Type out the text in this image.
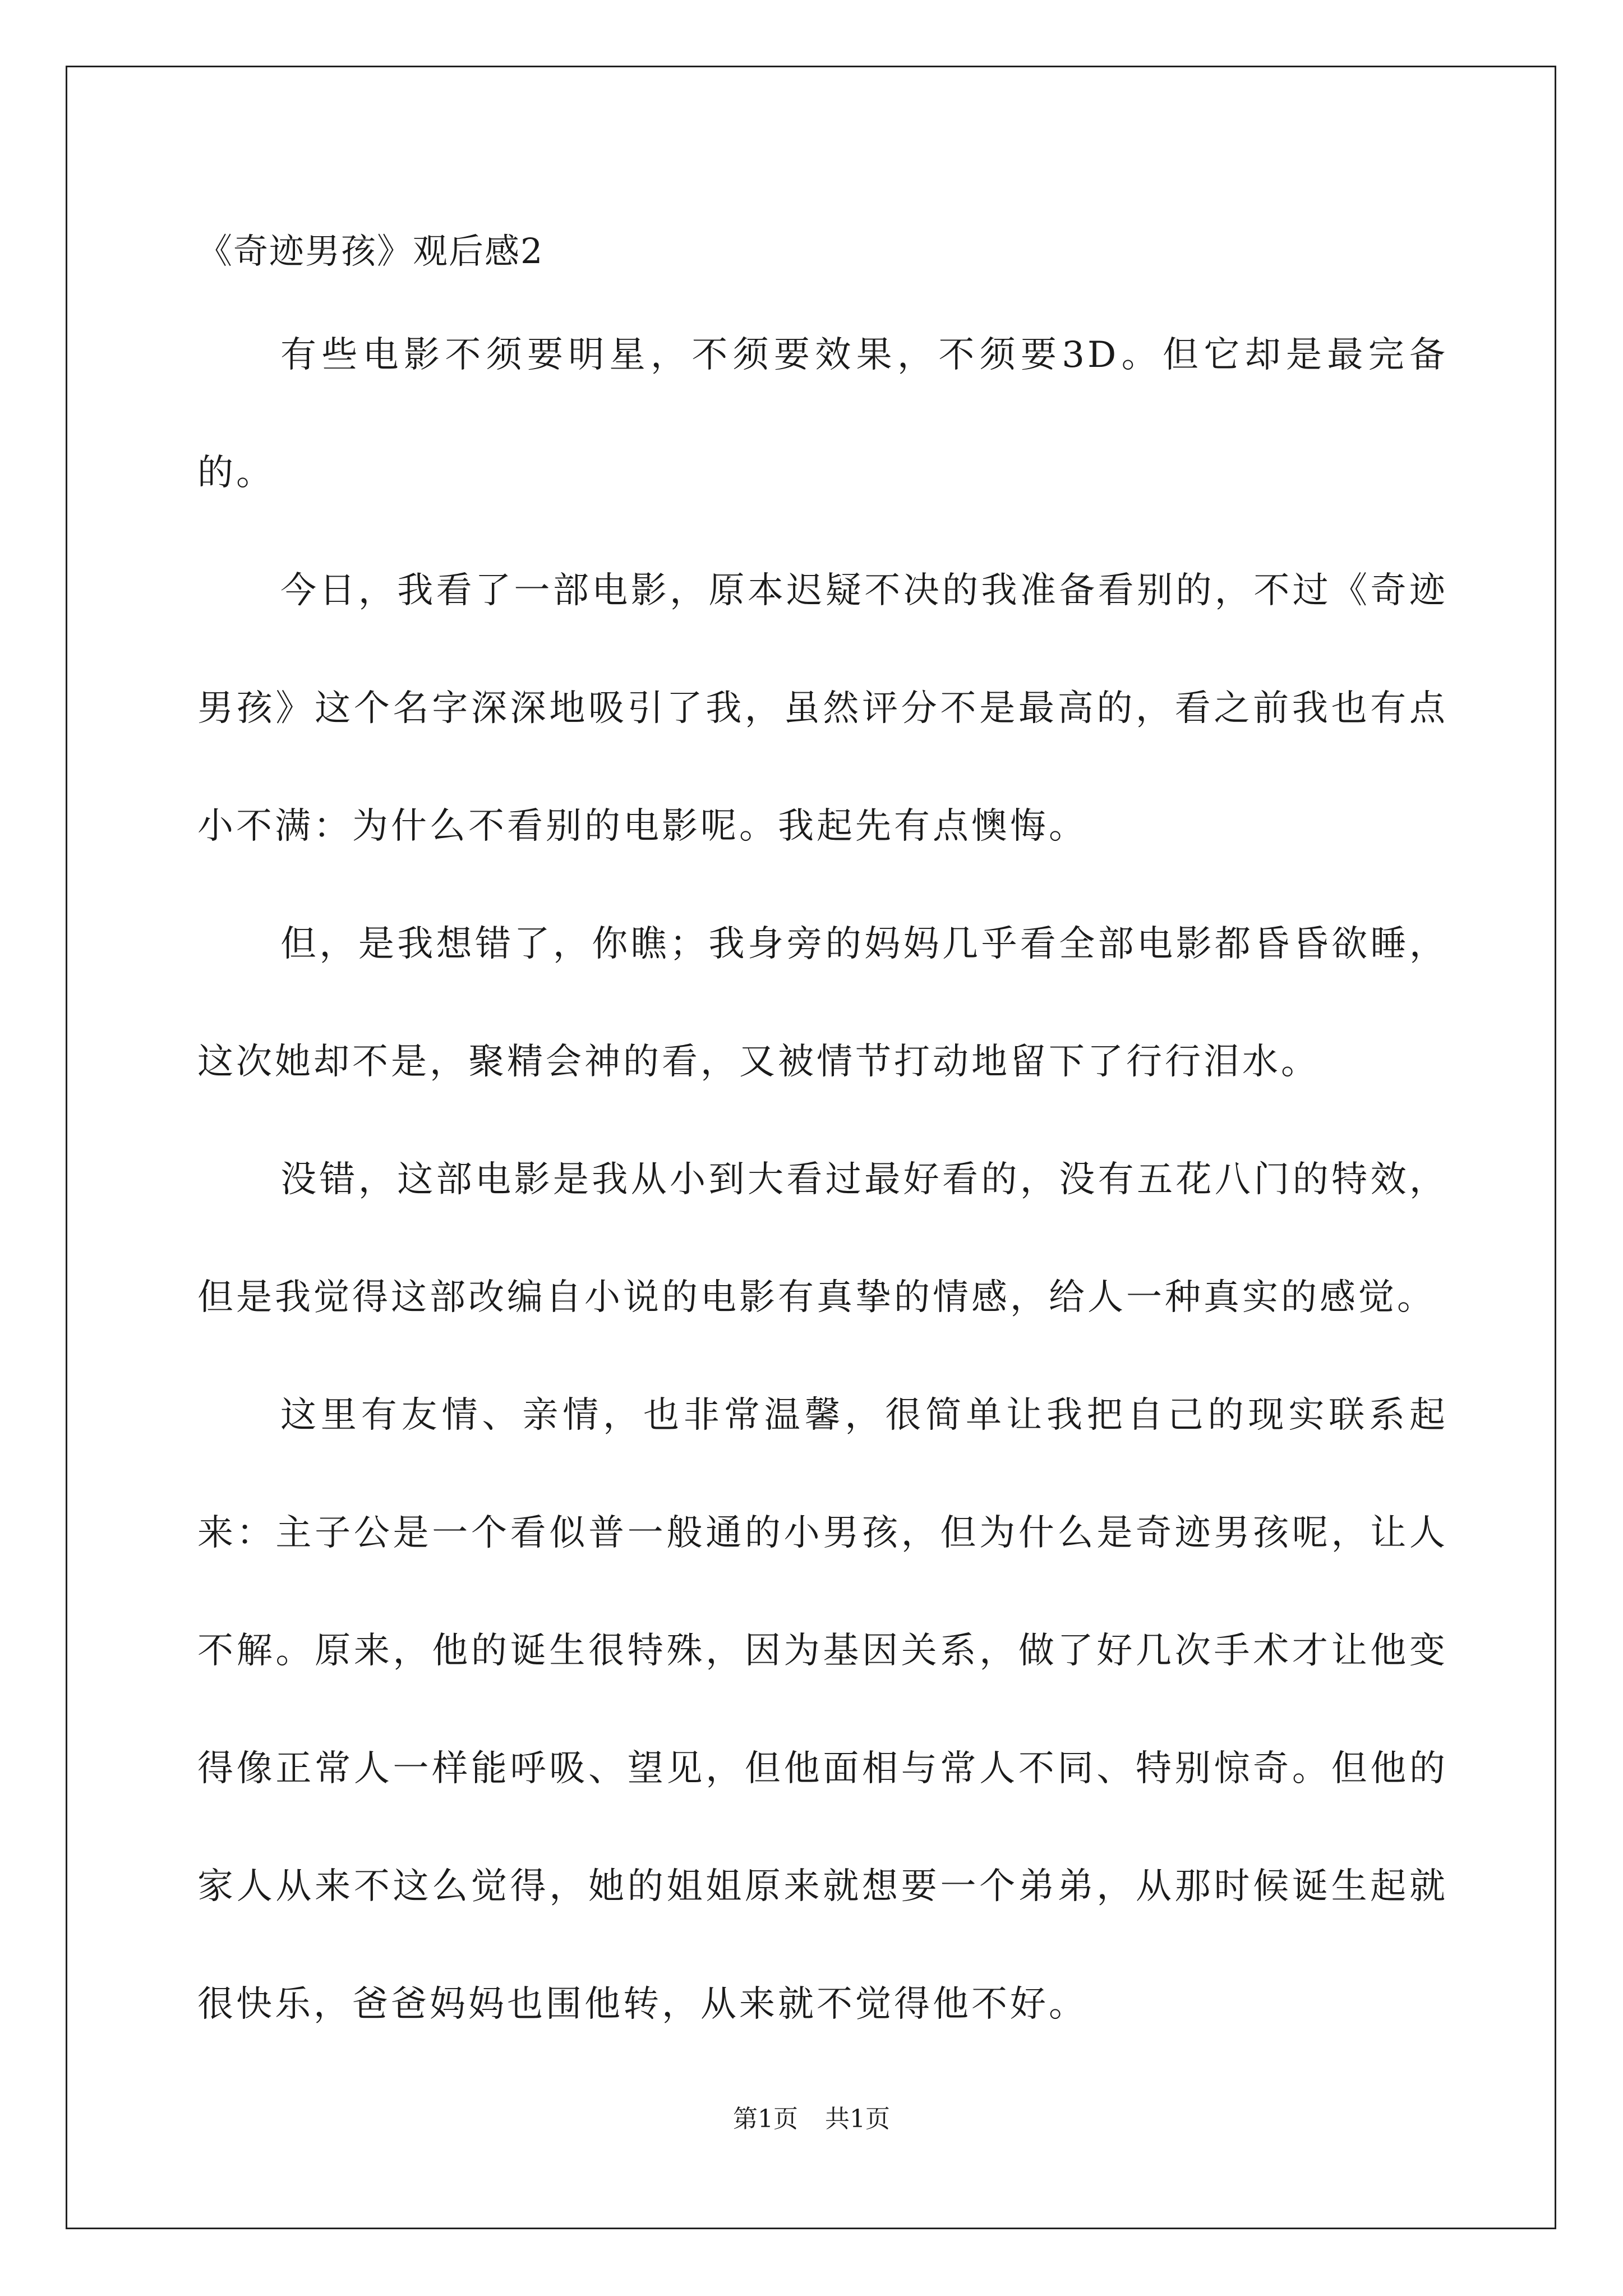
《奇迹男孩》观后感2

有些电影不须要明星，不须要效果，不须要3D。但它却是最完备的。

今日，我看了一部电影，原本迟疑不决的我准备看别的，不过《奇迹男孩》这个名字深深地吸引了我，虽然评分不是最高的，看之前我也有点小不满：为什么不看别的电影呢。我起先有点懊悔。

但，是我想错了，你瞧；我身旁的妈妈几乎看全部电影都昏昏欲睡，这次她却不是，聚精会神的看，又被情节打动地留下了行行泪水。

没错，这部电影是我从小到大看过最好看的，没有五花八门的特效，但是我觉得这部改编自小说的电影有真挚的情感，给人一种真实的感觉。

这里有友情、亲情，也非常温馨，很简单让我把自己的现实联系起来：主子公是一个看似普一般通的小男孩，但为什么是奇迹男孩呢，让人不解。原来，他的诞生很特殊，因为基因关系，做了好几次手术才让他变得像正常人一样能呼吸、望见，但他面相与常人不同、特别惊奇。但他的家人从来不这么觉得，她的姐姐原来就想要一个弟弟，从那时候诞生起就很快乐，爸爸妈妈也围他转，从来就不觉得他不好。

第1页 共1页
